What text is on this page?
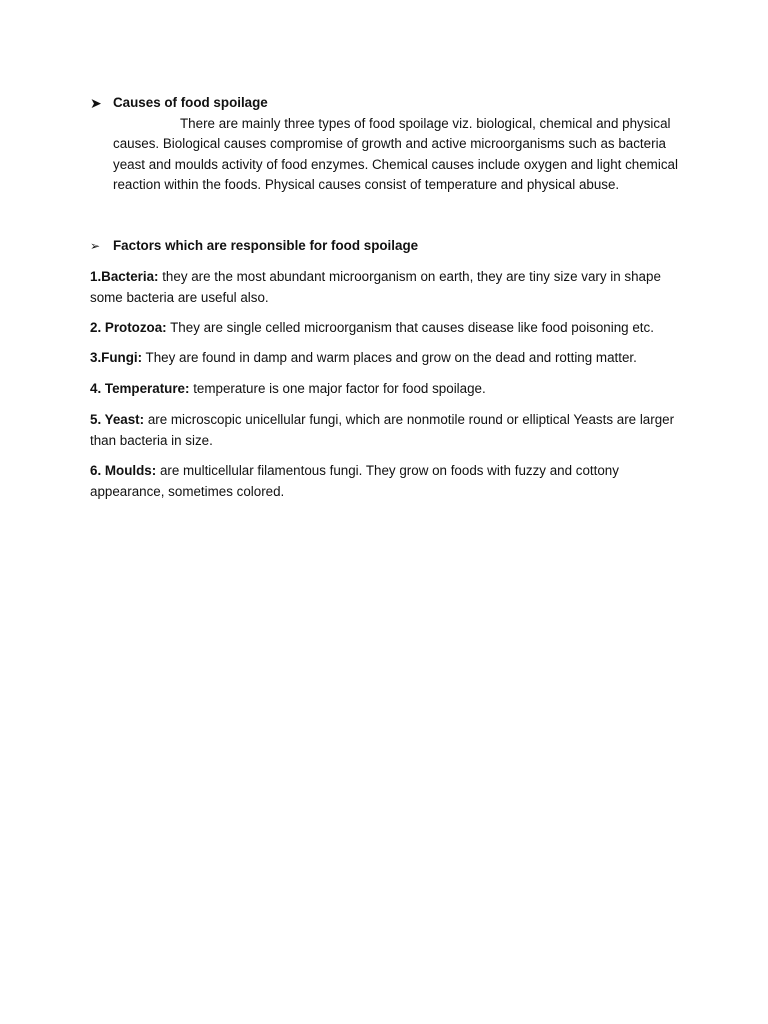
➤ Causes of food spoilage

There are mainly three types of food spoilage viz. biological, chemical and physical causes. Biological causes compromise of growth and active microorganisms such as bacteria yeast and moulds activity of food enzymes. Chemical causes include oxygen and light chemical reaction within the foods. Physical causes consist of temperature and physical abuse.

➢ Factors which are responsible for food spoilage

1.Bacteria: they are the most abundant microorganism on earth, they are tiny size vary in shape some bacteria are useful also.

2. Protozoa: They are single celled microorganism that causes disease like food poisoning etc.

3.Fungi: They are found in damp and warm places and grow on the dead and rotting matter.

4. Temperature: temperature is one major factor for food spoilage.

5. Yeast: are microscopic unicellular fungi, which are nonmotile round or elliptical Yeasts are larger than bacteria in size.

6. Moulds: are multicellular filamentous fungi. They grow on foods with fuzzy and cottony appearance, sometimes colored.
